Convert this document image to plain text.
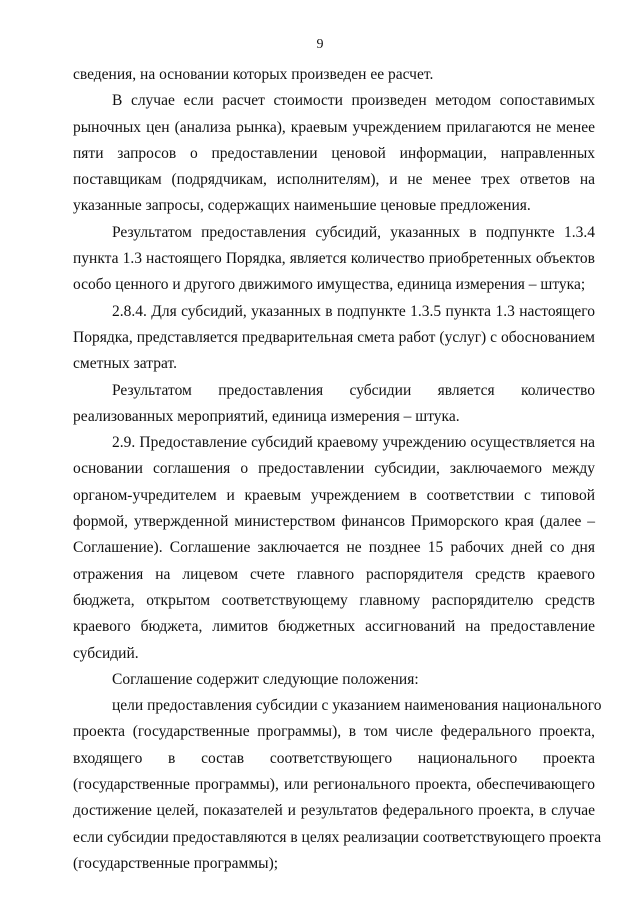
9
сведения, на основании которых произведен ее расчет.
В случае если расчет стоимости произведен методом сопоставимых
рыночных цен (анализа рынка), краевым учреждением прилагаются не менее
пяти запросов о предоставлении ценовой информации, направленных
поставщикам (подрядчикам, исполнителям), и не менее трех ответов на
указанные запросы, содержащих наименьшие ценовые предложения.
Результатом предоставления субсидий, указанных в подпункте 1.3.4
пункта 1.3 настоящего Порядка, является количество приобретенных объектов
особо ценного и другого движимого имущества, единица измерения – штука;
2.8.4. Для субсидий, указанных в подпункте 1.3.5 пункта 1.3 настоящего
Порядка, представляется предварительная смета работ (услуг) с обоснованием
сметных затрат.
Результатом предоставления субсидии является количество
реализованных мероприятий, единица измерения – штука.
2.9. Предоставление субсидий краевому учреждению осуществляется на
основании соглашения о предоставлении субсидии, заключаемого между
органом-учредителем и краевым учреждением в соответствии с типовой
формой, утвержденной министерством финансов Приморского края (далее –
Соглашение). Соглашение заключается не позднее 15 рабочих дней со дня
отражения на лицевом счете главного распорядителя средств краевого
бюджета, открытом соответствующему главному распорядителю средств
краевого бюджета, лимитов бюджетных ассигнований на предоставление
субсидий.
Соглашение содержит следующие положения:
цели предоставления субсидии с указанием наименования национального
проекта (государственные программы), в том числе федерального проекта,
входящего в состав соответствующего национального проекта
(государственные программы), или регионального проекта, обеспечивающего
достижение целей, показателей и результатов федерального проекта, в случае
если субсидии предоставляются в целях реализации соответствующего проекта
(государственные программы);
